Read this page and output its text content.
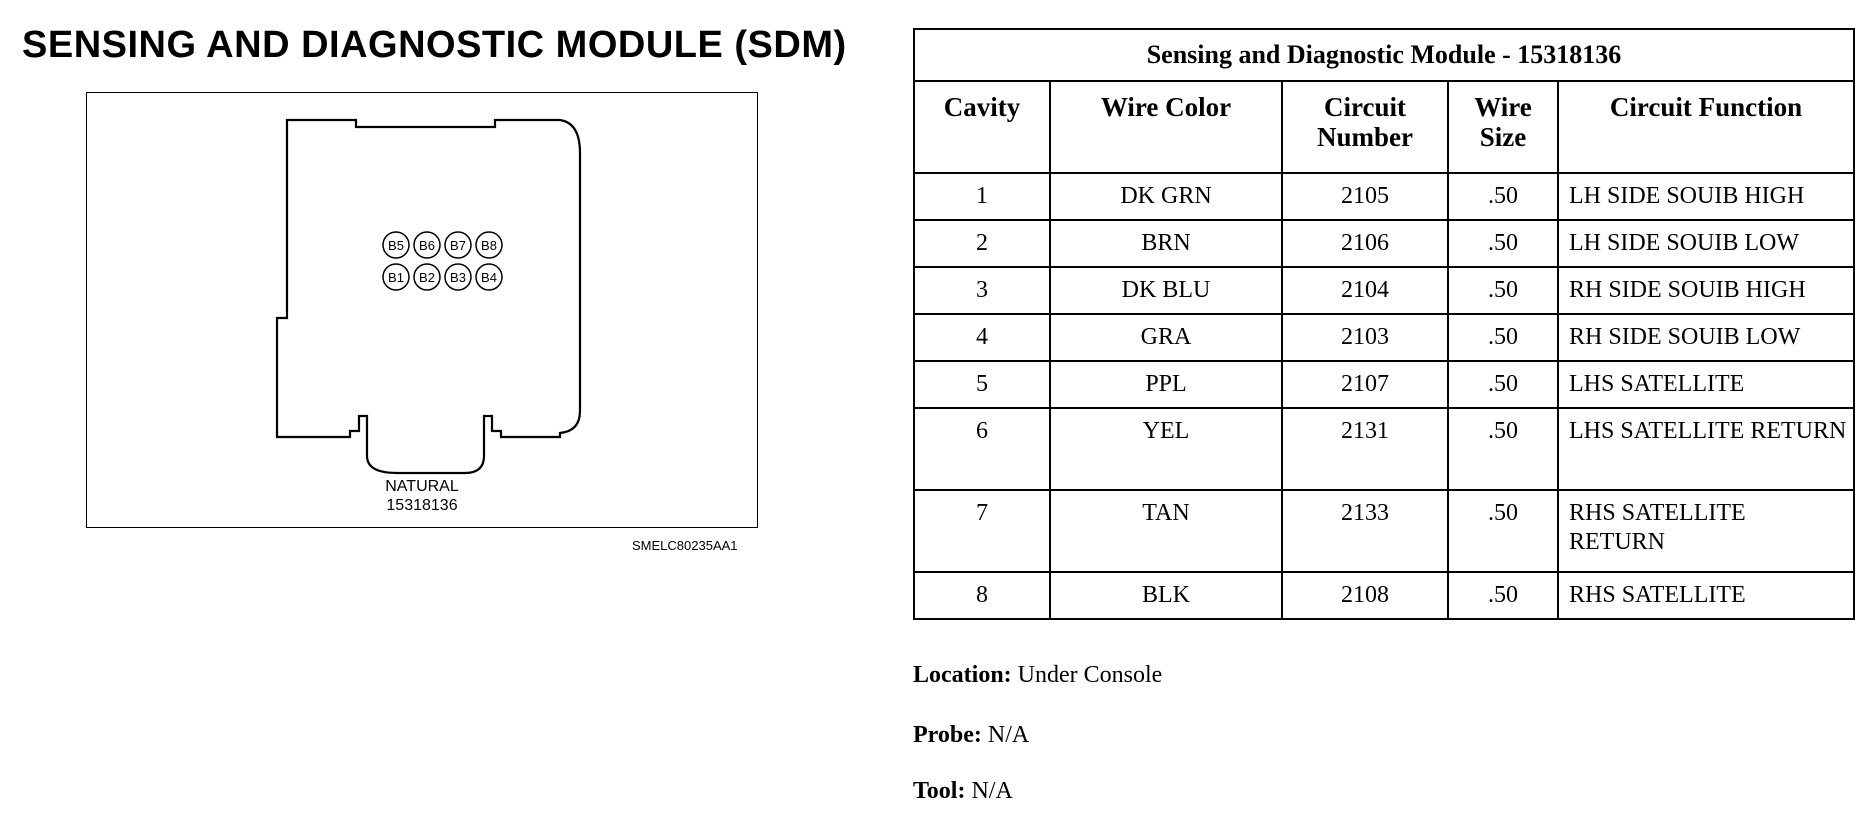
SENSING AND DIAGNOSTIC MODULE (SDM)
B5 B6 B7 B8
B1 B2 B3 B4
NATURAL
15318136
SMELC80235AA1
Sensing and Diagnostic Module - 15318136				
Cavity	Wire Color	Circuit Number	Wire Size	Circuit Function
1	DK GRN	2105	.50	LH SIDE SOUIB HIGH
2	BRN	2106	.50	LH SIDE SOUIB LOW
3	DK BLU	2104	.50	RH SIDE SOUIB HIGH
4	GRA	2103	.50	RH SIDE SOUIB LOW
5	PPL	2107	.50	LHS SATELLITE
6	YEL	2131	.50	LHS SATELLITE RETURN
7	TAN	2133	.50	RHS SATELLITE RETURN
8	BLK	2108	.50	RHS SATELLITE
Location: Under Console
Probe: N/A
Tool: N/A
